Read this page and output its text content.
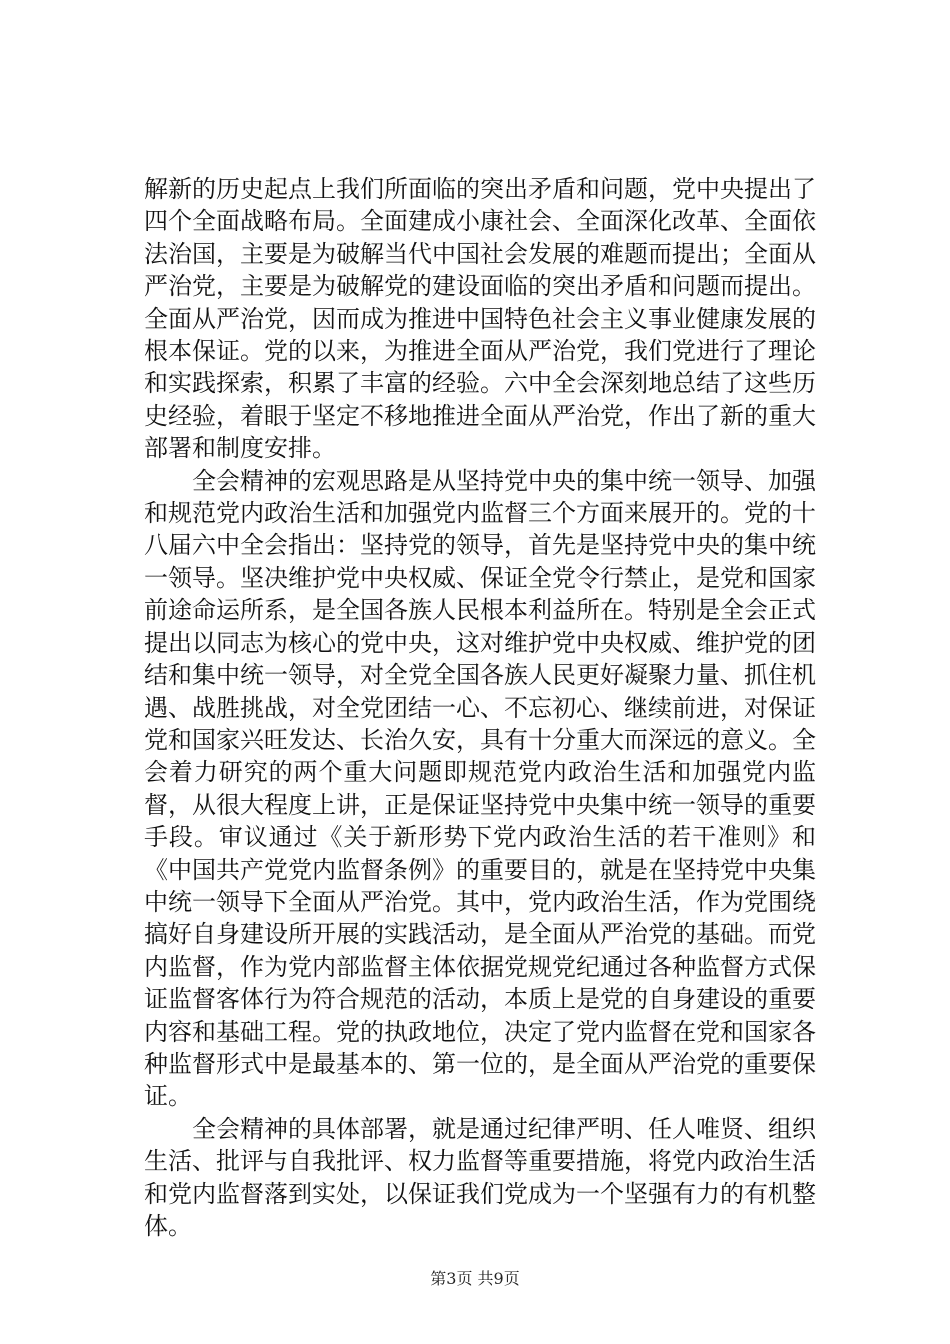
解新的历史起点上我们所面临的突出矛盾和问题，党中央提出了四个全面战略布局。全面建成小康社会、全面深化改革、全面依法治国，主要是为破解当代中国社会发展的难题而提出；全面从严治党，主要是为破解党的建设面临的突出矛盾和问题而提出。全面从严治党，因而成为推进中国特色社会主义事业健康发展的根本保证。党的以来，为推进全面从严治党，我们党进行了理论和实践探索，积累了丰富的经验。六中全会深刻地总结了这些历史经验，着眼于坚定不移地推进全面从严治党，作出了新的重大部署和制度安排。

全会精神的宏观思路是从坚持党中央的集中统一领导、加强和规范党内政治生活和加强党内监督三个方面来展开的。党的十八届六中全会指出：坚持党的领导，首先是坚持党中央的集中统一领导。坚决维护党中央权威、保证全党令行禁止，是党和国家前途命运所系，是全国各族人民根本利益所在。特别是全会正式提出以同志为核心的党中央，这对维护党中央权威、维护党的团结和集中统一领导，对全党全国各族人民更好凝聚力量、抓住机遇、战胜挑战，对全党团结一心、不忘初心、继续前进，对保证党和国家兴旺发达、长治久安，具有十分重大而深远的意义。全会着力研究的两个重大问题即规范党内政治生活和加强党内监督，从很大程度上讲，正是保证坚持党中央集中统一领导的重要手段。审议通过《关于新形势下党内政治生活的若干准则》和《中国共产党党内监督条例》的重要目的，就是在坚持党中央集中统一领导下全面从严治党。其中，党内政治生活，作为党围绕搞好自身建设所开展的实践活动，是全面从严治党的基础。而党内监督，作为党内部监督主体依据党规党纪通过各种监督方式保证监督客体行为符合规范的活动，本质上是党的自身建设的重要内容和基础工程。党的执政地位，决定了党内监督在党和国家各种监督形式中是最基本的、第一位的，是全面从严治党的重要保证。

全会精神的具体部署，就是通过纪律严明、任人唯贤、组织生活、批评与自我批评、权力监督等重要措施，将党内政治生活和党内监督落到实处，以保证我们党成为一个坚强有力的有机整体。

第3页 共9页
